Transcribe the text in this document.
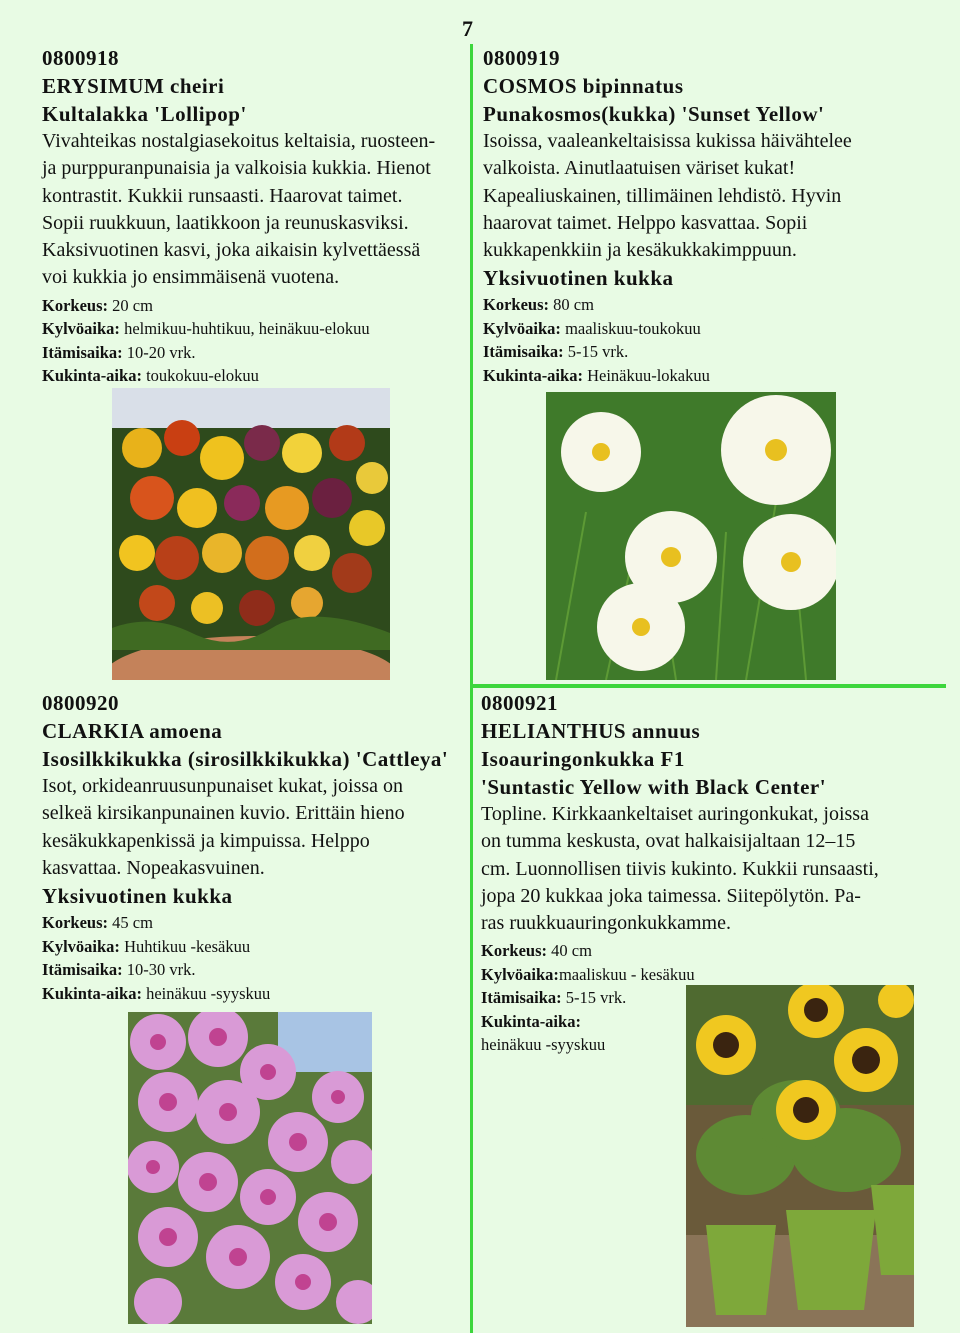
7
0800918
ERYSIMUM cheiri
Kultalakka 'Lollipop'
Vivahteikas nostalgiasekoitus keltaisia, ruosteen-
ja purppuranpunaisia ja valkoisia kukkia. Hienot
kontrastit. Kukkii runsaasti. Haarovat taimet.
Sopii ruukkuun, laatikkoon ja reunuskasviksi.
Kaksivuotinen kasvi, joka aikaisin kylvettäessä
voi kukkia jo ensimmäisenä vuotena.
Korkeus: 20 cm
Kylvöaika: helmikuu-huhtikuu, heinäkuu-elokuu
Itämisaika: 10-20 vrk.
Kukinta-aika: toukokuu-elokuu
0800919
COSMOS bipinnatus
Punakosmos(kukka) 'Sunset Yellow'
Isoissa, vaaleankeltaisissa kukissa häivähtelee
valkoista. Ainutlaatuisen väriset kukat!
Kapealiuskainen, tillimäinen lehdistö. Hyvin
haarovat taimet. Helppo kasvattaa. Sopii
kukkapenkkiin ja kesäkukkakimppuun.
Yksivuotinen kukka
Korkeus: 80 cm
Kylvöaika: maaliskuu-toukokuu
Itämisaika: 5-15 vrk.
Kukinta-aika: Heinäkuu-lokakuu
0800920
CLARKIA amoena
Isosilkkikukka (sirosilkkikukka) 'Cattleya'
Isot, orkideanruusunpunaiset kukat, joissa on
selkeä kirsikanpunainen kuvio. Erittäin hieno
kesäkukkapenkissä ja kimpuissa. Helppo
kasvattaa. Nopeakasvuinen.
Yksivuotinen kukka
Korkeus: 45 cm
Kylvöaika: Huhtikuu -kesäkuu
Itämisaika: 10-30 vrk.
Kukinta-aika: heinäkuu -syyskuu
0800921
HELIANTHUS annuus
Isoauringonkukka F1
'Suntastic Yellow with Black Center'
Topline. Kirkkaankeltaiset auringonkukat, joissa
on tumma keskusta, ovat halkaisijaltaan 12–15
cm. Luonnollisen tiivis kukinto. Kukkii runsaasti,
jopa 20 kukkaa joka taimessa. Siitepölytön. Pa-
ras ruukkuauringonkukkamme.
Korkeus: 40 cm
Kylvöaika:maaliskuu - kesäkuu
Itämisaika: 5-15 vrk.
Kukinta-aika:
heinäkuu -syyskuu
